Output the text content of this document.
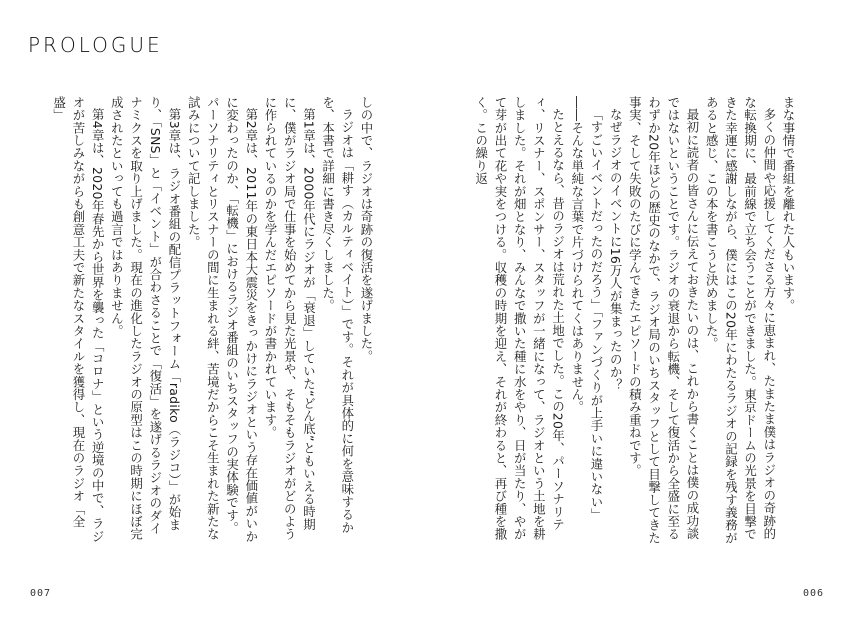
PROLOGUE

まな事情で番組を離れた人もいます。

多くの仲間や応援してくださる方々に恵まれ、たまたま僕はラジオの奇跡的な転換期に、最前線で立ち会うことができました。東京ドームの光景を目撃できた幸運に感謝しながら、僕にはこの20年にわたるラジオの記録を残す義務があると感じ、この本を書こうと決めました。

最初に読者の皆さんに伝えておきたいのは、これから書くことは僕の成功談ではないということです。ラジオの衰退から転機、そして復活から全盛に至るわずか20年ほどの歴史のなかで、ラジオ局のいちスタッフとして目撃してきた事実、そして失敗のたびに学んできたエピソードの積み重ねです。

なぜラジオのイベントに16万人が集まったのか？

「すごいイベントだったのだろう」「ファンづくりが上手いに違いない」――そんな単純な言葉で片づけられてくはありません。

たとえるなら、昔のラジオは荒れた土地でした。この20年、パーソナリティ、リスナー、スポンサー、スタッフが一緒になって、ラジオという土地を耕しました。それが畑となり、みんなで撒いた種に水をやり、日が当たり、やがて芽が出て花や実をつける。収穫の時期を迎え、それが終わると、再び種を撒く。この繰り返

しの中で、ラジオは奇跡の復活を遂げました。

ラジオは「耕す（カルティベイト）」です。それが具体的に何を意味するかを、本書で詳細に書き尽くしました。

第1章は、2000年代にラジオが「衰退」していた“どん底”ともいえる時期に、僕がラジオ局で仕事を始めてから見た光景や、そもそもラジオがどのように作られているのかを学んだエピソードが書かれています。

第2章は、2011年の東日本大震災をきっかけにラジオという存在価値がいかに変わったのか、「転機」におけるラジオ番組のいちスタッフの実体験です。パーソナリティとリスナーの間に生まれる絆、苦境だからこそ生まれた新たな試みについて記しました。

第3章は、ラジオ番組の配信プラットフォーム「radiko（ラジコ）」が始まり、「SNS」と「イベント」が合わさることで「復活」を遂げるラジオのダイナミクスを取り上げました。現在の進化したラジオの原型はこの時期にほぼ完成されたといっても過言ではありません。

第4章は、2020年春先から世界を襲った「コロナ」という逆境の中で、ラジオが苦しみながらも創意工夫で新たなスタイルを獲得し、現在のラジオ「全盛」

007	006
